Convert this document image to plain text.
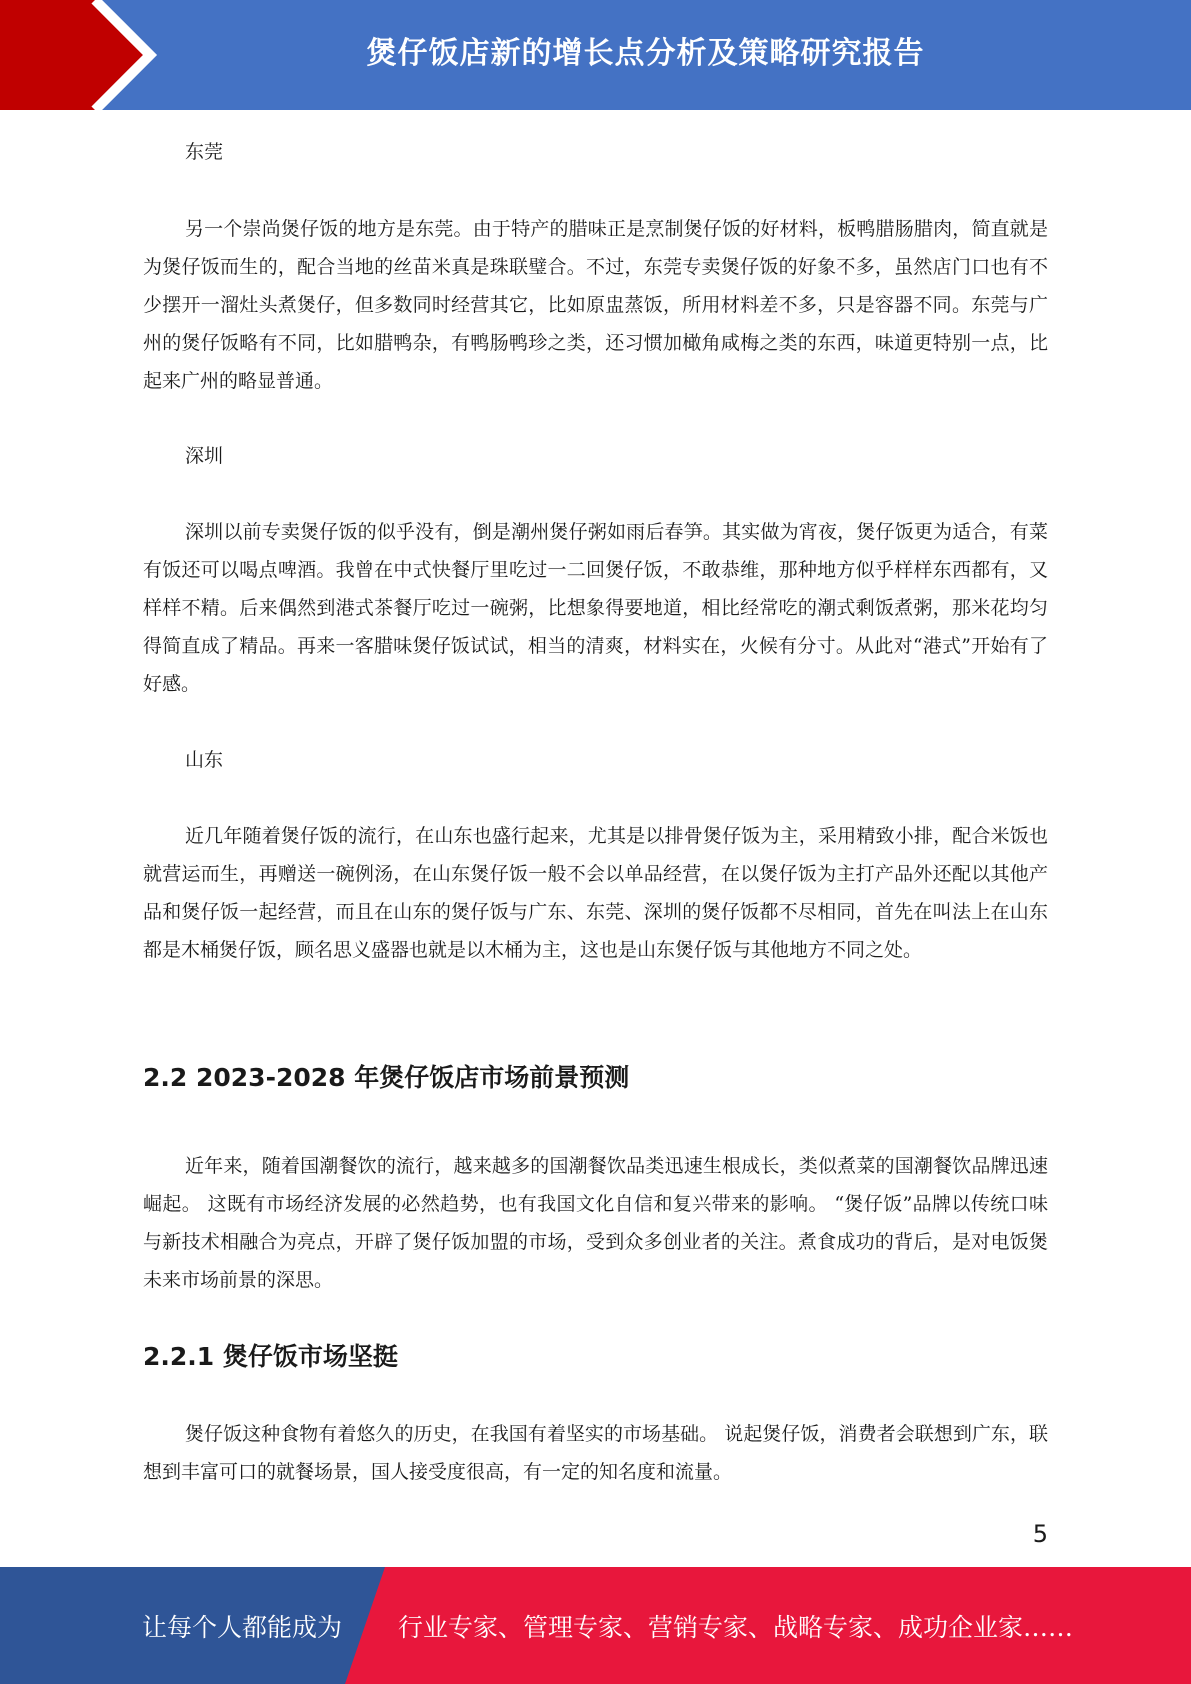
煲仔饭店新的增长点分析及策略研究报告
东莞

另一个崇尚煲仔饭的地方是东莞。由于特产的腊味正是烹制煲仔饭的好材料，板鸭腊肠腊肉，简直就是为煲仔饭而生的，配合当地的丝苗米真是珠联璧合。不过，东莞专卖煲仔饭的好象不多，虽然店门口也有不少摆开一溜灶头煮煲仔，但多数同时经营其它，比如原盅蒸饭，所用材料差不多，只是容器不同。东莞与广州的煲仔饭略有不同，比如腊鸭杂，有鸭肠鸭珍之类，还习惯加橄角咸梅之类的东西，味道更特别一点，比起来广州的略显普通。

深圳

深圳以前专卖煲仔饭的似乎没有，倒是潮州煲仔粥如雨后春笋。其实做为宵夜，煲仔饭更为适合，有菜有饭还可以喝点啤酒。我曾在中式快餐厅里吃过一二回煲仔饭，不敢恭维，那种地方似乎样样东西都有，又样样不精。后来偶然到港式茶餐厅吃过一碗粥，比想象得要地道，相比经常吃的潮式剩饭煮粥，那米花均匀得简直成了精品。再来一客腊味煲仔饭试试，相当的清爽，材料实在，火候有分寸。从此对“港式”开始有了好感。

山东

近几年随着煲仔饭的流行，在山东也盛行起来，尤其是以排骨煲仔饭为主，采用精致小排，配合米饭也就营运而生，再赠送一碗例汤，在山东煲仔饭一般不会以单品经营，在以煲仔饭为主打产品外还配以其他产品和煲仔饭一起经营，而且在山东的煲仔饭与广东、东莞、深圳的煲仔饭都不尽相同，首先在叫法上在山东都是木桶煲仔饭，顾名思义盛器也就是以木桶为主，这也是山东煲仔饭与其他地方不同之处。

2.2 2023-2028 年煲仔饭店市场前景预测

近年来，随着国潮餐饮的流行，越来越多的国潮餐饮品类迅速生根成长，类似煮菜的国潮餐饮品牌迅速崛起。 这既有市场经济发展的必然趋势，也有我国文化自信和复兴带来的影响。 “煲仔饭”品牌以传统口味与新技术相融合为亮点，开辟了煲仔饭加盟的市场，受到众多创业者的关注。煮食成功的背后，是对电饭煲未来市场前景的深思。

2.2.1 煲仔饭市场坚挺

煲仔饭这种食物有着悠久的历史，在我国有着坚实的市场基础。 说起煲仔饭，消费者会联想到广东，联想到丰富可口的就餐场景，国人接受度很高，有一定的知名度和流量。

5
让每个人都能成为 行业专家、管理专家、营销专家、战略专家、成功企业家……
